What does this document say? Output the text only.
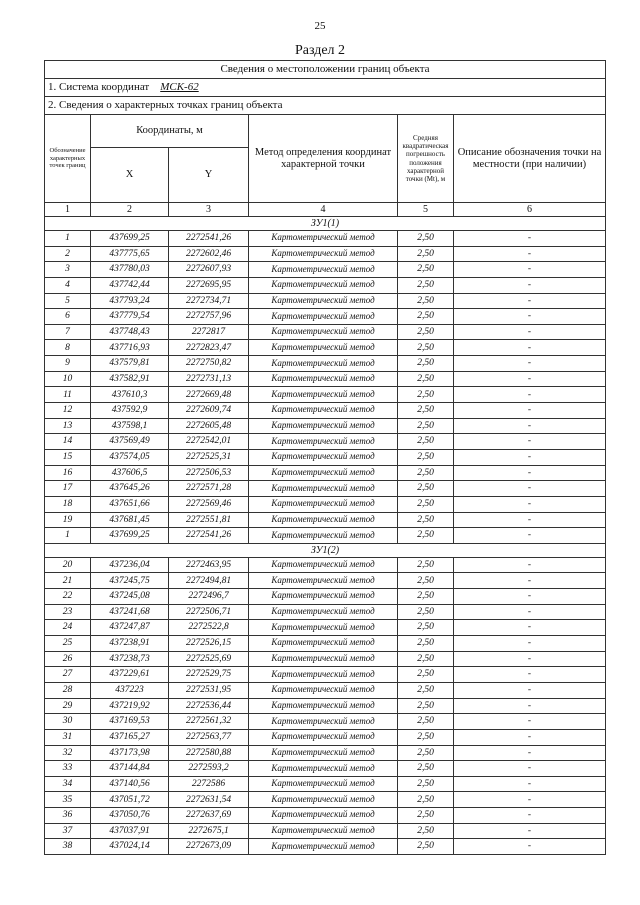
25
Раздел 2
Сведения о местоположении границ объекта					
1. Система координат МСК-62					
2. Сведения о характерных точках границ объекта					
Обозначение характерных точек границ	Координаты, м		Метод определения координат характерной точки	Средняя квадратическая погрешность положения характерной точки (Mt), м	Описание обозначения точки на местности (при наличии)
	X	Y			
1	2	3	4	5	6
ЗУ1(1)					
1	437699,25	2272541,26	Картометрический метод	2,50	-
2	437775,65	2272602,46	Картометрический метод	2,50	-
3	437780,03	2272607,93	Картометрический метод	2,50	-
4	437742,44	2272695,95	Картометрический метод	2,50	-
5	437793,24	2272734,71	Картометрический метод	2,50	-
6	437779,54	2272757,96	Картометрический метод	2,50	-
7	437748,43	2272817	Картометрический метод	2,50	-
8	437716,93	2272823,47	Картометрический метод	2,50	-
9	437579,81	2272750,82	Картометрический метод	2,50	-
10	437582,91	2272731,13	Картометрический метод	2,50	-
11	437610,3	2272669,48	Картометрический метод	2,50	-
12	437592,9	2272609,74	Картометрический метод	2,50	-
13	437598,1	2272605,48	Картометрический метод	2,50	-
14	437569,49	2272542,01	Картометрический метод	2,50	-
15	437574,05	2272525,31	Картометрический метод	2,50	-
16	437606,5	2272506,53	Картометрический метод	2,50	-
17	437645,26	2272571,28	Картометрический метод	2,50	-
18	437651,66	2272569,46	Картометрический метод	2,50	-
19	437681,45	2272551,81	Картометрический метод	2,50	-
1	437699,25	2272541,26	Картометрический метод	2,50	-
ЗУ1(2)					
20	437236,04	2272463,95	Картометрический метод	2,50	-
21	437245,75	2272494,81	Картометрический метод	2,50	-
22	437245,08	2272496,7	Картометрический метод	2,50	-
23	437241,68	2272506,71	Картометрический метод	2,50	-
24	437247,87	2272522,8	Картометрический метод	2,50	-
25	437238,91	2272526,15	Картометрический метод	2,50	-
26	437238,73	2272525,69	Картометрический метод	2,50	-
27	437229,61	2272529,75	Картометрический метод	2,50	-
28	437223	2272531,95	Картометрический метод	2,50	-
29	437219,92	2272536,44	Картометрический метод	2,50	-
30	437169,53	2272561,32	Картометрический метод	2,50	-
31	437165,27	2272563,77	Картометрический метод	2,50	-
32	437173,98	2272580,88	Картометрический метод	2,50	-
33	437144,84	2272593,2	Картометрический метод	2,50	-
34	437140,56	2272586	Картометрический метод	2,50	-
35	437051,72	2272631,54	Картометрический метод	2,50	-
36	437050,76	2272637,69	Картометрический метод	2,50	-
37	437037,91	2272675,1	Картометрический метод	2,50	-
38	437024,14	2272673,09	Картометрический метод	2,50	-
